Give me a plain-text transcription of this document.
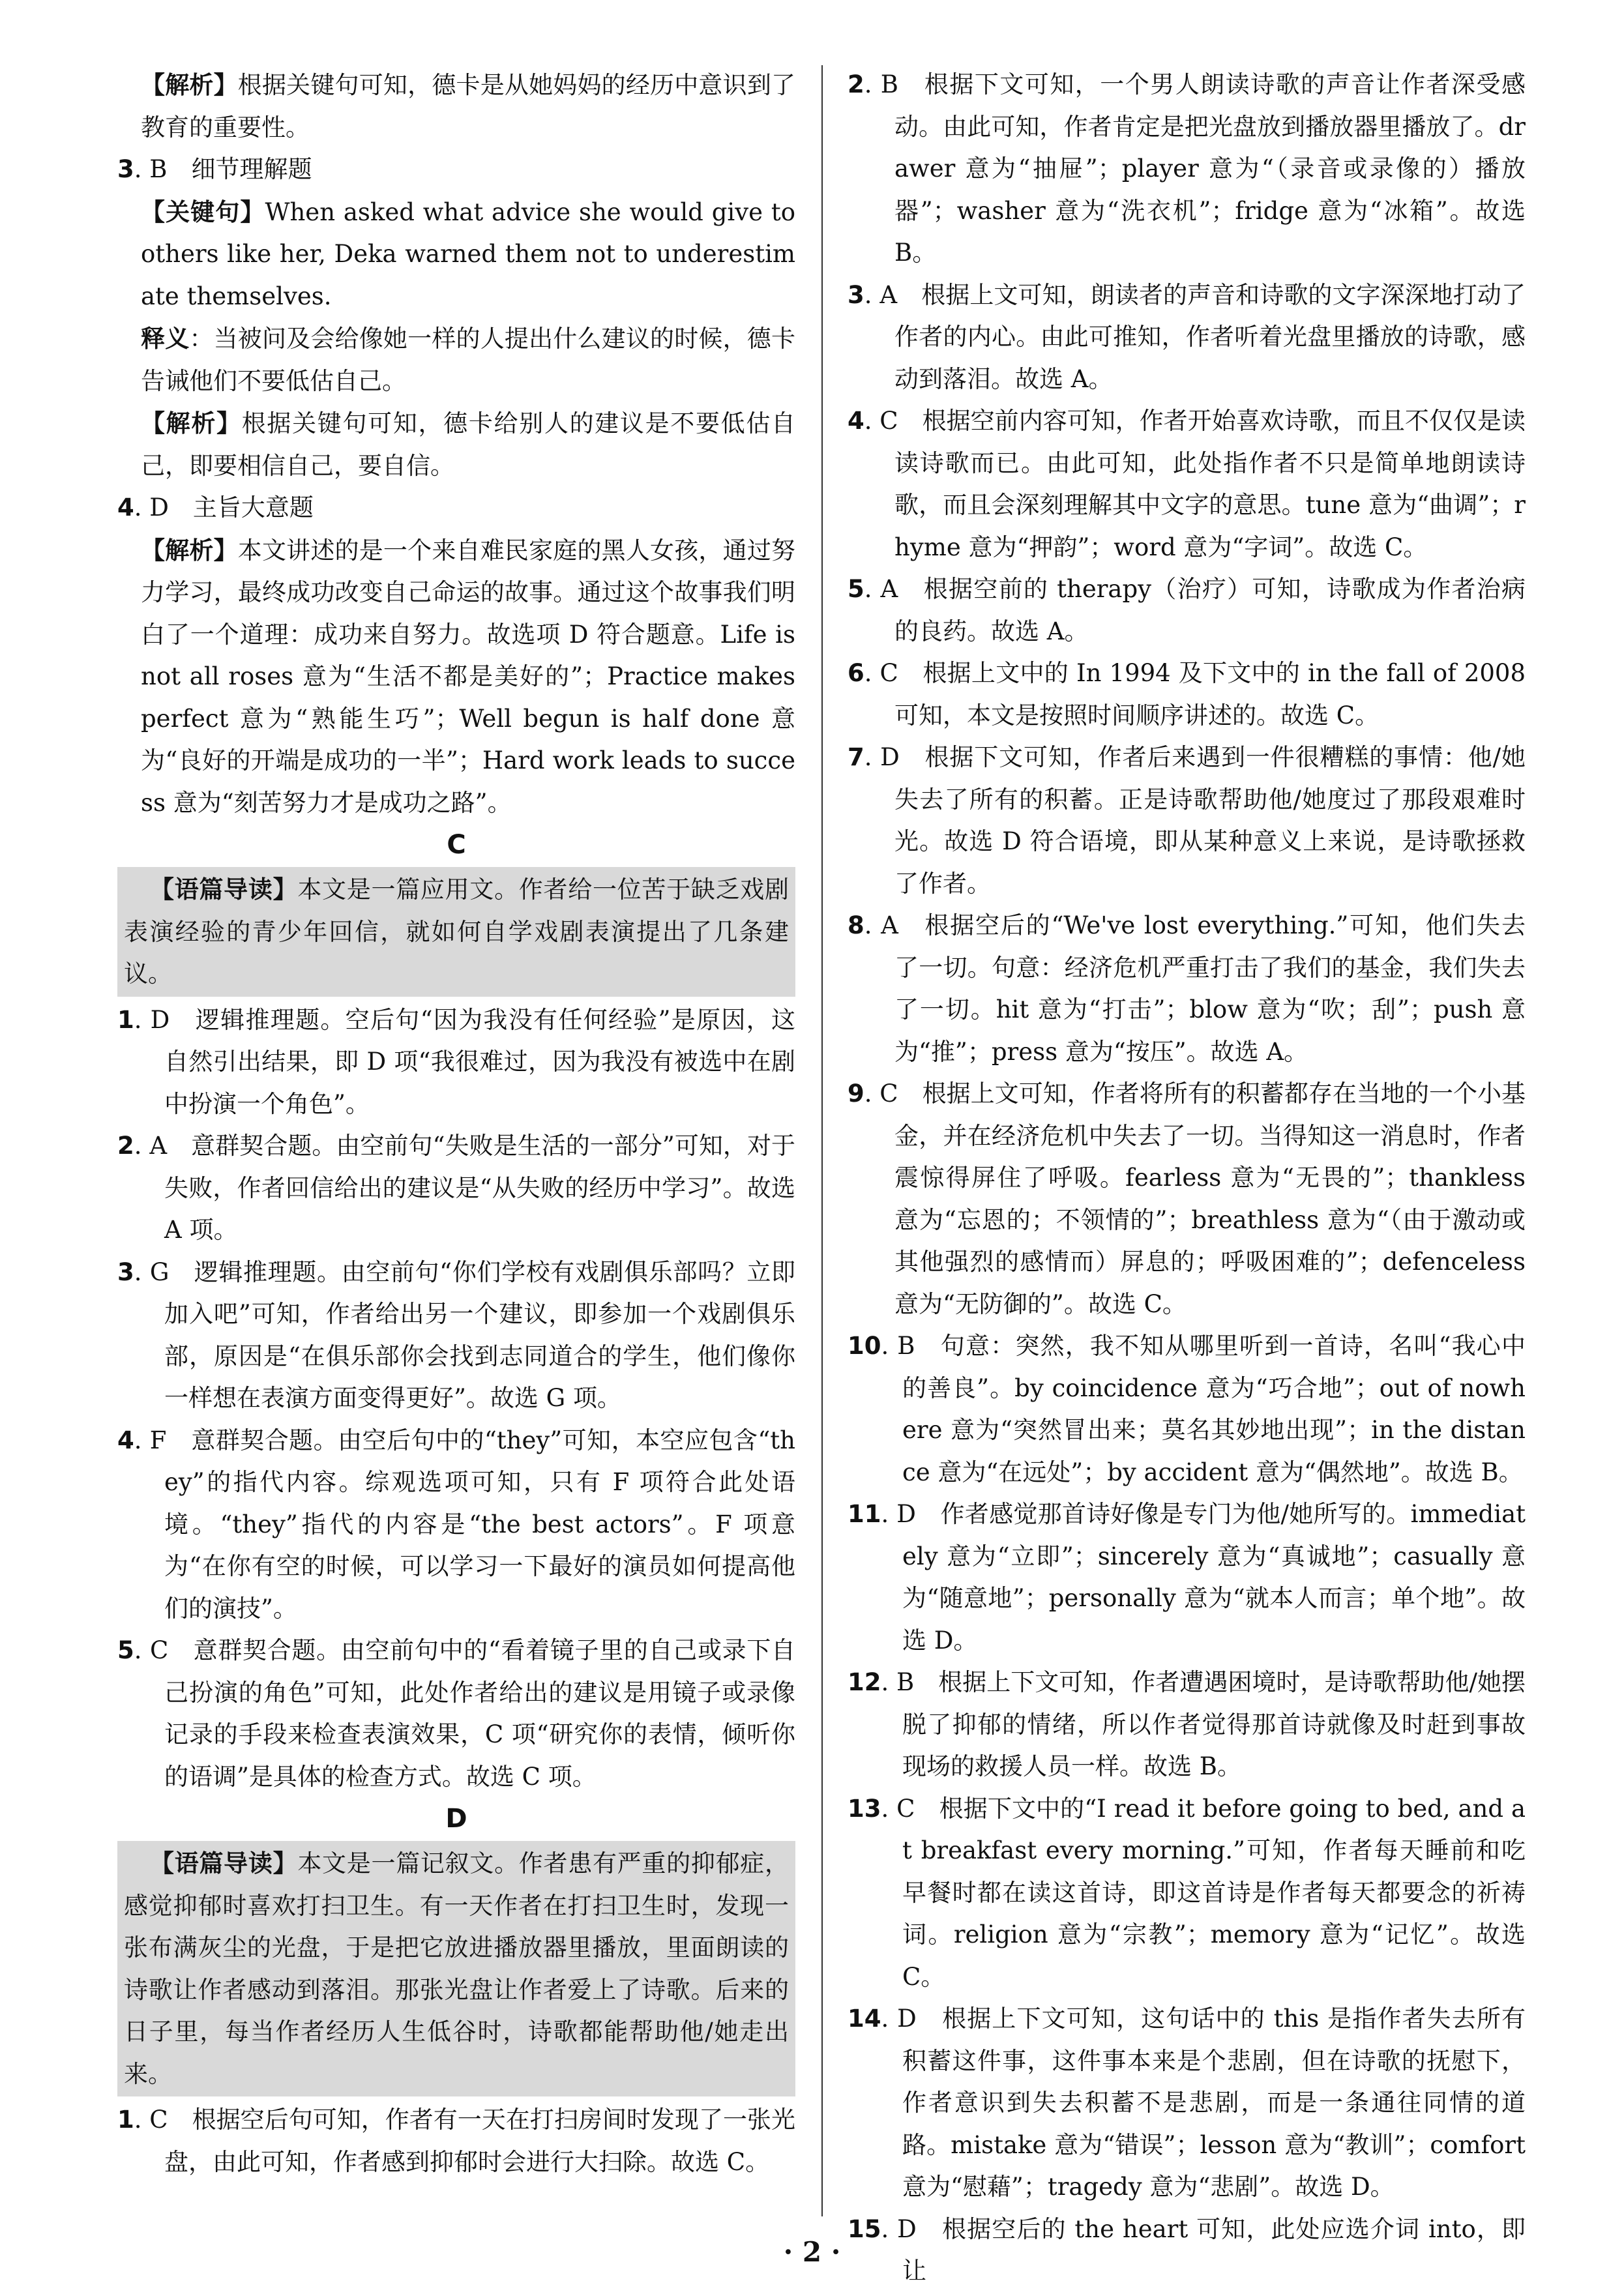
【解析】根据关键句可知，德卡是从她妈妈的经历中意识到了教育的重要性。
3. B　细节理解题
【关键句】When asked what advice she would give to others like her, Deka warned them not to underestimate themselves.
释义：当被问及会给像她一样的人提出什么建议的时候，德卡告诫他们不要低估自己。
【解析】根据关键句可知，德卡给别人的建议是不要低估自己，即要相信自己，要自信。
4. D　主旨大意题
【解析】本文讲述的是一个来自难民家庭的黑人女孩，通过努力学习，最终成功改变自己命运的故事。通过这个故事我们明白了一个道理：成功来自努力。故选项 D 符合题意。Life is not all roses 意为“生活不都是美好的”；Practice makes perfect 意为“熟能生巧”；Well begun is half done 意为“良好的开端是成功的一半”；Hard work leads to success 意为“刻苦努力才是成功之路”。
C
【语篇导读】本文是一篇应用文。作者给一位苦于缺乏戏剧表演经验的青少年回信，就如何自学戏剧表演提出了几条建议。
1. D　逻辑推理题。空后句“因为我没有任何经验”是原因，这自然引出结果，即 D 项“我很难过，因为我没有被选中在剧中扮演一个角色”。
2. A　意群契合题。由空前句“失败是生活的一部分”可知，对于失败，作者回信给出的建议是“从失败的经历中学习”。故选 A 项。
3. G　逻辑推理题。由空前句“你们学校有戏剧俱乐部吗？立即加入吧”可知，作者给出另一个建议，即参加一个戏剧俱乐部，原因是“在俱乐部你会找到志同道合的学生，他们像你一样想在表演方面变得更好”。故选 G 项。
4. F　意群契合题。由空后句中的“they”可知，本空应包含“they”的指代内容。综观选项可知，只有 F 项符合此处语境。“they”指代的内容是“the best actors”。F 项意为“在你有空的时候，可以学习一下最好的演员如何提高他们的演技”。
5. C　意群契合题。由空前句中的“看着镜子里的自己或录下自己扮演的角色”可知，此处作者给出的建议是用镜子或录像记录的手段来检查表演效果，C 项“研究你的表情，倾听你的语调”是具体的检查方式。故选 C 项。
D
【语篇导读】本文是一篇记叙文。作者患有严重的抑郁症，感觉抑郁时喜欢打扫卫生。有一天作者在打扫卫生时，发现一张布满灰尘的光盘，于是把它放进播放器里播放，里面朗读的诗歌让作者感动到落泪。那张光盘让作者爱上了诗歌。后来的日子里，每当作者经历人生低谷时，诗歌都能帮助他/她走出来。
1. C　根据空后句可知，作者有一天在打扫房间时发现了一张光盘，由此可知，作者感到抑郁时会进行大扫除。故选 C。
2. B　根据下文可知，一个男人朗读诗歌的声音让作者深受感动。由此可知，作者肯定是把光盘放到播放器里播放了。drawer 意为“抽屉”；player 意为“（录音或录像的）播放器”；washer 意为“洗衣机”；fridge 意为“冰箱”。故选 B。
3. A　根据上文可知，朗读者的声音和诗歌的文字深深地打动了作者的内心。由此可推知，作者听着光盘里播放的诗歌，感动到落泪。故选 A。
4. C　根据空前内容可知，作者开始喜欢诗歌，而且不仅仅是读读诗歌而已。由此可知，此处指作者不只是简单地朗读诗歌，而且会深刻理解其中文字的意思。tune 意为“曲调”；rhyme 意为“押韵”；word 意为“字词”。故选 C。
5. A　根据空前的 therapy（治疗）可知，诗歌成为作者治病的良药。故选 A。
6. C　根据上文中的 In 1994 及下文中的 in the fall of 2008 可知，本文是按照时间顺序讲述的。故选 C。
7. D　根据下文可知，作者后来遇到一件很糟糕的事情：他/她失去了所有的积蓄。正是诗歌帮助他/她度过了那段艰难时光。故选 D 符合语境，即从某种意义上来说，是诗歌拯救了作者。
8. A　根据空后的“We've lost everything.”可知，他们失去了一切。句意：经济危机严重打击了我们的基金，我们失去了一切。hit 意为“打击”；blow 意为“吹；刮”；push 意为“推”；press 意为“按压”。故选 A。
9. C　根据上文可知，作者将所有的积蓄都存在当地的一个小基金，并在经济危机中失去了一切。当得知这一消息时，作者震惊得屏住了呼吸。fearless 意为“无畏的”；thankless 意为“忘恩的；不领情的”；breathless 意为“（由于激动或其他强烈的感情而）屏息的；呼吸困难的”；defenceless 意为“无防御的”。故选 C。
10. B　句意：突然，我不知从哪里听到一首诗，名叫“我心中的善良”。by coincidence 意为“巧合地”；out of nowhere 意为“突然冒出来；莫名其妙地出现”；in the distance 意为“在远处”；by accident 意为“偶然地”。故选 B。
11. D　作者感觉那首诗好像是专门为他/她所写的。immediately 意为“立即”；sincerely 意为“真诚地”；casually 意为“随意地”；personally 意为“就本人而言；单个地”。故选 D。
12. B　根据上下文可知，作者遭遇困境时，是诗歌帮助他/她摆脱了抑郁的情绪，所以作者觉得那首诗就像及时赶到事故现场的救援人员一样。故选 B。
13. C　根据下文中的“I read it before going to bed, and at breakfast every morning.”可知，作者每天睡前和吃早餐时都在读这首诗，即这首诗是作者每天都要念的祈祷词。religion 意为“宗教”；memory 意为“记忆”。故选 C。
14. D　根据上下文可知，这句话中的 this 是指作者失去所有积蓄这件事，这件事本来是个悲剧，但在诗歌的抚慰下，作者意识到失去积蓄不是悲剧，而是一条通往同情的道路。mistake 意为“错误”；lesson 意为“教训”；comfort 意为“慰藉”；tragedy 意为“悲剧”。故选 D。
15. D　根据空后的 the heart 可知，此处应选介词 into，即让
· 2 ·
